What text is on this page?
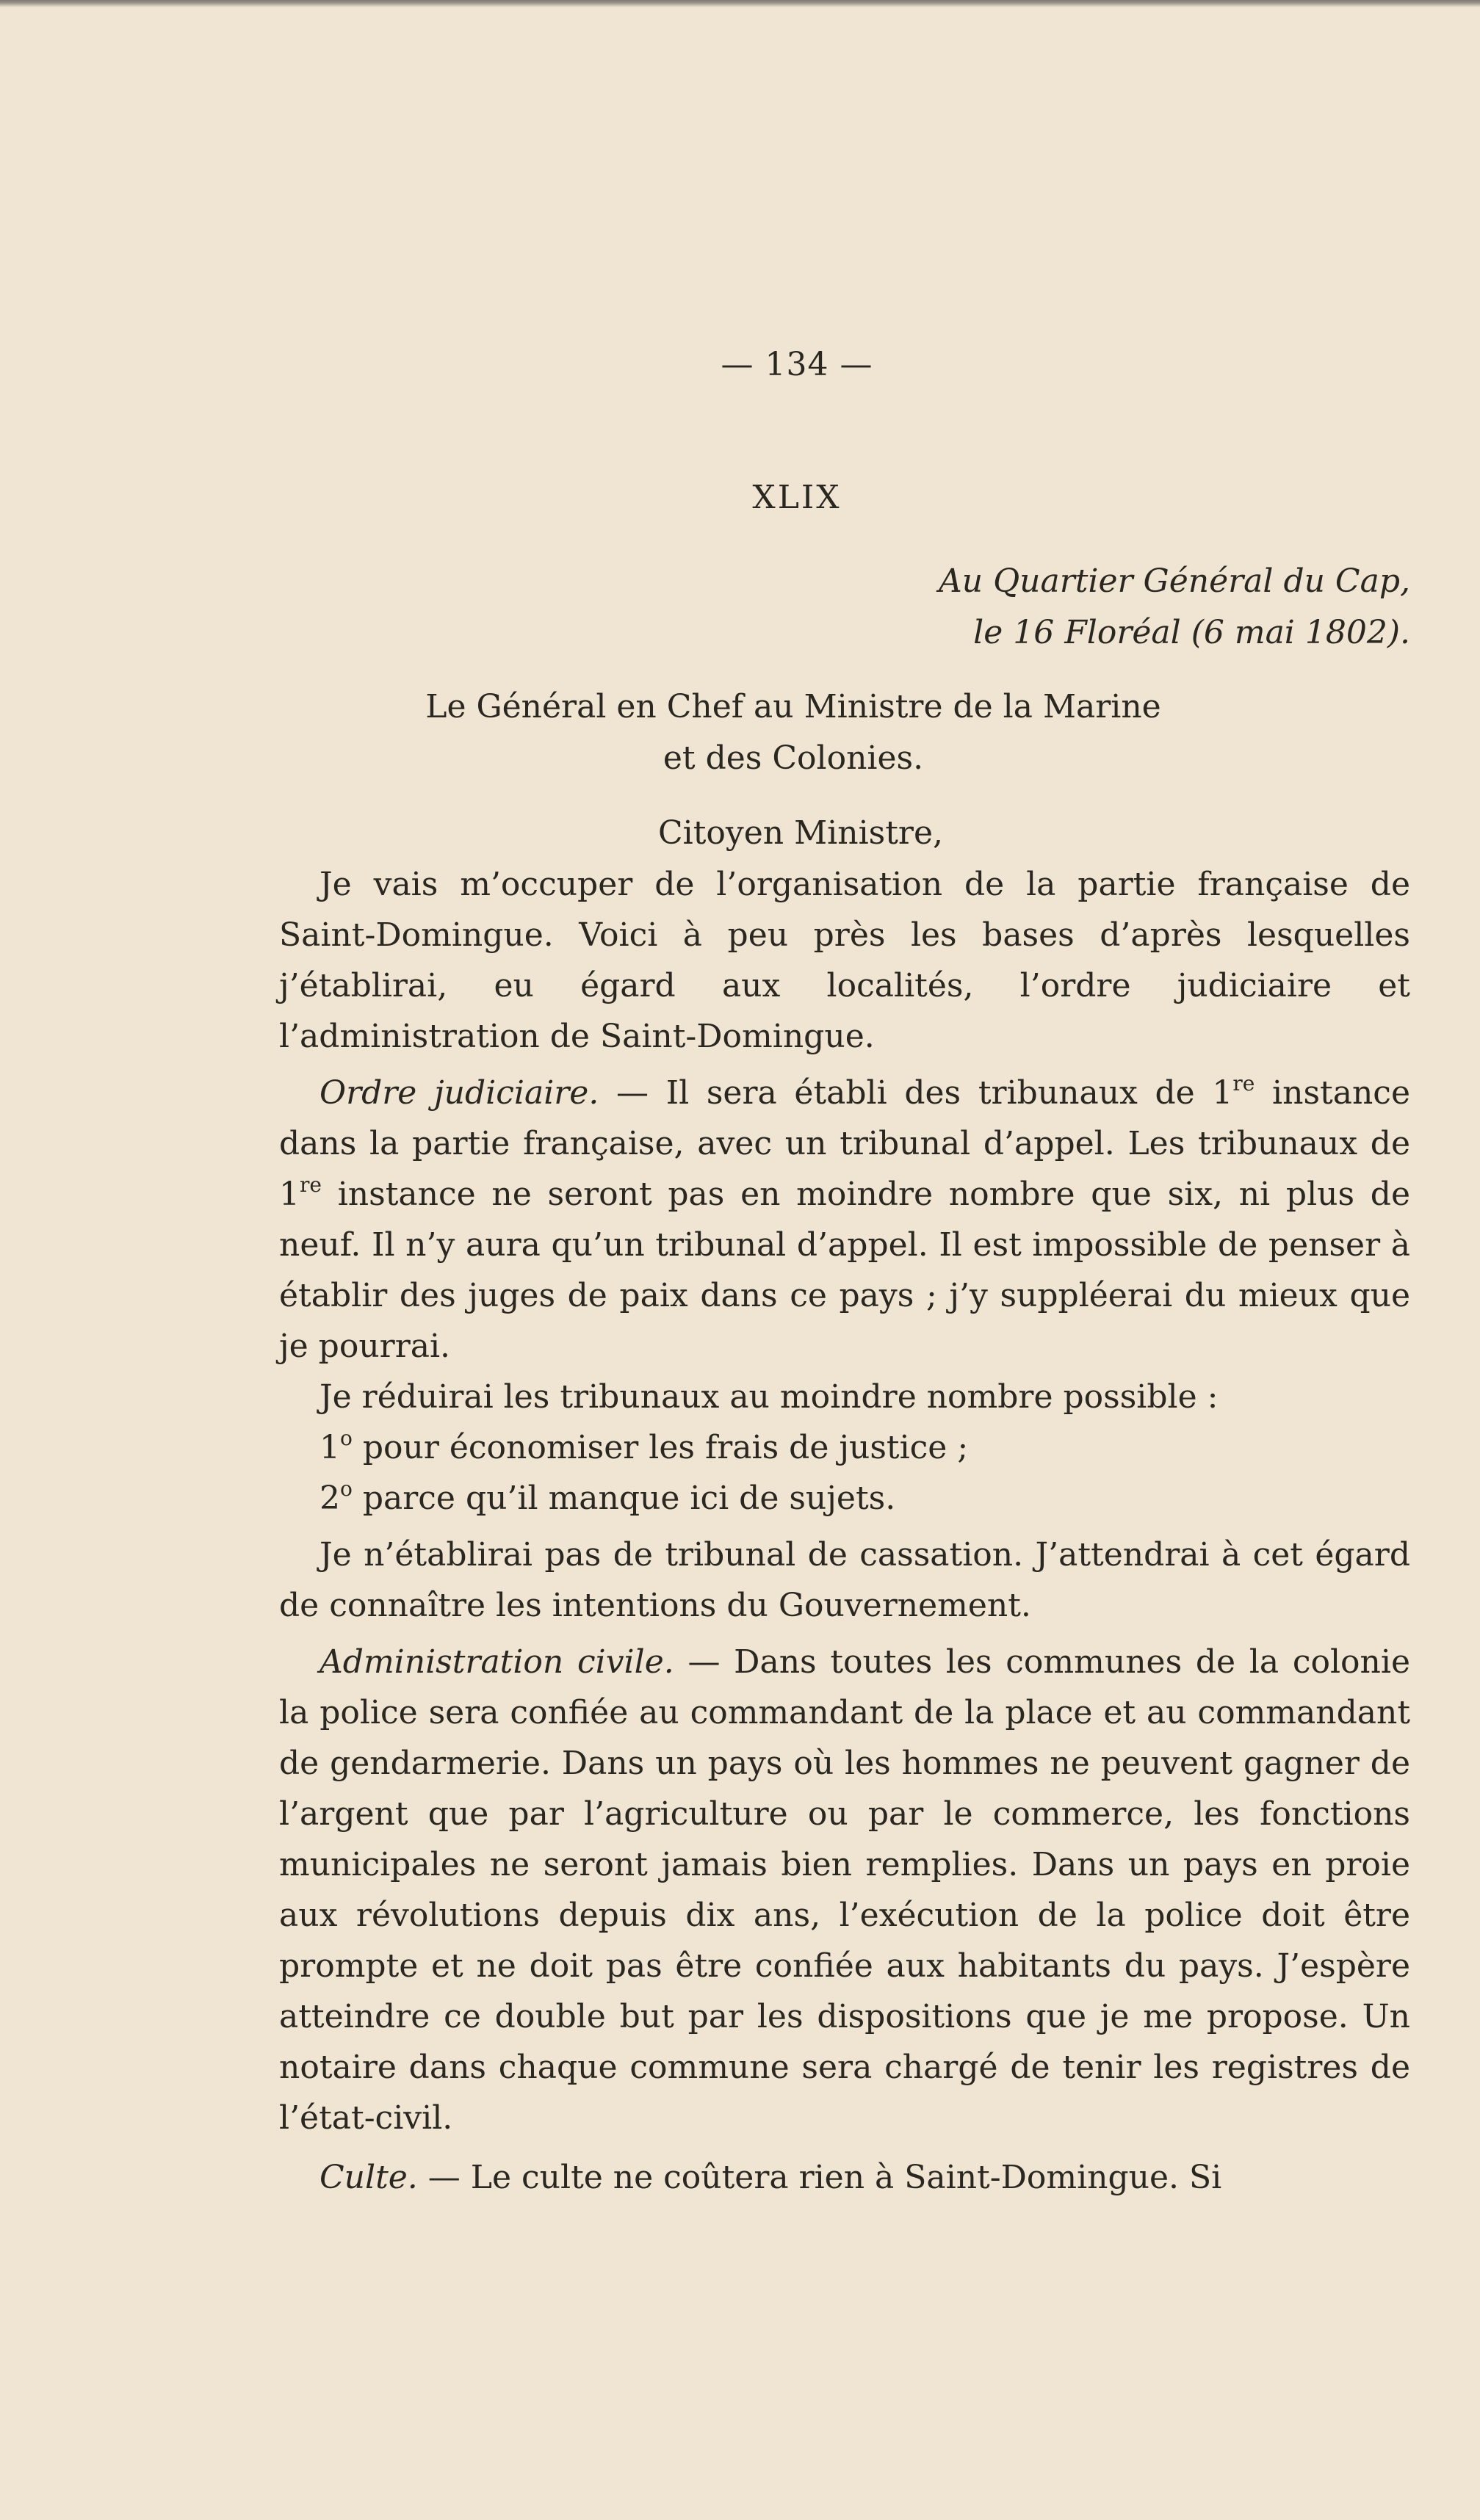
— 134 —
XLIX
Au Quartier Général du Cap,
le 16 Floréal (6 mai 1802).
Le Général en Chef au Ministre de la Marine
et des Colonies.
Citoyen Ministre,

Je vais m’occuper de l’organisation de la partie française de Saint-Domingue. Voici à peu près les bases d’après lesquelles j’établirai, eu égard aux localités, l’ordre judiciaire et l’administration de Saint-Domingue.

Ordre judiciaire. — Il sera établi des tribunaux de 1re instance dans la partie française, avec un tribunal d’appel. Les tribunaux de 1re instance ne seront pas en moindre nombre que six, ni plus de neuf. Il n’y aura qu’un tribunal d’appel. Il est impossible de penser à établir des juges de paix dans ce pays ; j’y suppléerai du mieux que je pourrai.

Je réduirai les tribunaux au moindre nombre possible :

1$^o$ pour économiser les frais de justice ;

2$^o$ parce qu’il manque ici de sujets.

Je n’établirai pas de tribunal de cassation. J’attendrai à cet égard de connaître les intentions du Gouvernement.

Administration civile. — Dans toutes les communes de la colonie la police sera confiée au commandant de la place et au commandant de gendarmerie. Dans un pays où les hommes ne peuvent gagner de l’argent que par l’agriculture ou par le commerce, les fonctions municipales ne seront jamais bien remplies. Dans un pays en proie aux révolutions depuis dix ans, l’exécution de la police doit être prompte et ne doit pas être confiée aux habitants du pays. J’espère atteindre ce double but par les dispositions que je me propose. Un notaire dans chaque commune sera chargé de tenir les registres de l’état-civil.

Culte. — Le culte ne coûtera rien à Saint-Domingue. Si
